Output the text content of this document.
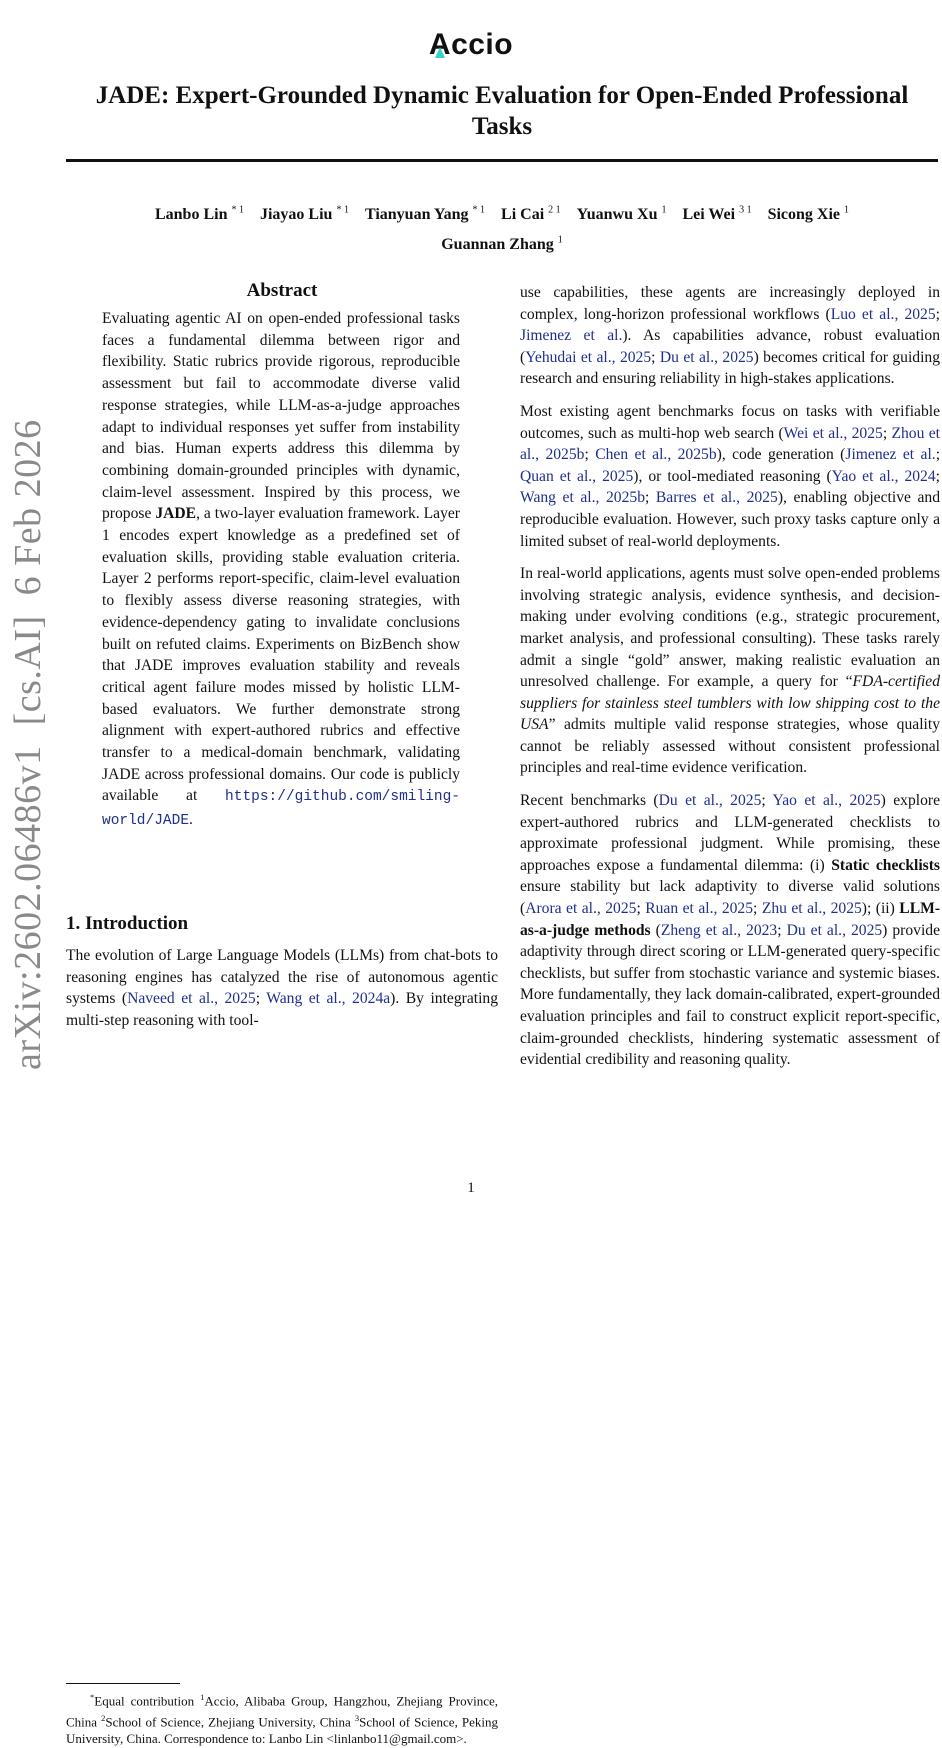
Accio
JADE: Expert-Grounded Dynamic Evaluation for Open-Ended Professional Tasks
Lanbo Lin $^{* 1}$ Jiayao Liu $^{* 1}$ Tianyuan Yang $^{* 1}$ Li Cai $^{2 1}$ Yuanwu Xu $^1$ Lei Wei $^{3 1}$ Sicong Xie $^1$
Guannan Zhang $^1$
arXiv:2602.06486v1  [cs.AI]  6 Feb 2026
Abstract

Evaluating agentic AI on open-ended professional tasks faces a fundamental dilemma between rigor and flexibility. Static rubrics provide rigorous, reproducible assessment but fail to accommodate diverse valid response strategies, while LLM-as-a-judge approaches adapt to individual responses yet suffer from instability and bias. Human experts address this dilemma by combining domain-grounded principles with dynamic, claim-level assessment. Inspired by this process, we propose JADE, a two-layer evaluation framework. Layer 1 encodes expert knowledge as a predefined set of evaluation skills, providing stable evaluation criteria. Layer 2 performs report-specific, claim-level evaluation to flexibly assess diverse reasoning strategies, with evidence-dependency gating to invalidate conclusions built on refuted claims. Experiments on BizBench show that JADE improves evaluation stability and reveals critical agent failure modes missed by holistic LLM-based evaluators. We further demonstrate strong alignment with expert-authored rubrics and effective transfer to a medical-domain benchmark, validating JADE across professional domains. Our code is publicly available at https://github.com/smiling-world/JADE.

1. Introduction

The evolution of Large Language Models (LLMs) from chat-bots to reasoning engines has catalyzed the rise of autonomous agentic systems (Naveed et al., 2025; Wang et al., 2024a). By integrating multi-step reasoning with tool-

*Equal contribution $^1$Accio, Alibaba Group, Hangzhou, Zhejiang Province, China $^2$School of Science, Zhejiang University, China $^3$School of Science, Peking University, China. Correspondence to: Lanbo Lin <linlanbo11@gmail.com>.

use capabilities, these agents are increasingly deployed in complex, long-horizon professional workflows (Luo et al., 2025; Jimenez et al.). As capabilities advance, robust evaluation (Yehudai et al., 2025; Du et al., 2025) becomes critical for guiding research and ensuring reliability in high-stakes applications.

Most existing agent benchmarks focus on tasks with verifiable outcomes, such as multi-hop web search (Wei et al., 2025; Zhou et al., 2025b; Chen et al., 2025b), code generation (Jimenez et al.; Quan et al., 2025), or tool-mediated reasoning (Yao et al., 2024; Wang et al., 2025b; Barres et al., 2025), enabling objective and reproducible evaluation. However, such proxy tasks capture only a limited subset of real-world deployments.

In real-world applications, agents must solve open-ended problems involving strategic analysis, evidence synthesis, and decision-making under evolving conditions (e.g., strategic procurement, market analysis, and professional consulting). These tasks rarely admit a single “gold” answer, making realistic evaluation an unresolved challenge. For example, a query for “FDA-certified suppliers for stainless steel tumblers with low shipping cost to the USA” admits multiple valid response strategies, whose quality cannot be reliably assessed without consistent professional principles and real-time evidence verification.

Recent benchmarks (Du et al., 2025; Yao et al., 2025) explore expert-authored rubrics and LLM-generated checklists to approximate professional judgment. While promising, these approaches expose a fundamental dilemma: (i) Static checklists ensure stability but lack adaptivity to diverse valid solutions (Arora et al., 2025; Ruan et al., 2025; Zhu et al., 2025); (ii) LLM-as-a-judge methods (Zheng et al., 2023; Du et al., 2025) provide adaptivity through direct scoring or LLM-generated query-specific checklists, but suffer from stochastic variance and systemic biases. More fundamentally, they lack domain-calibrated, expert-grounded evaluation principles and fail to construct explicit report-specific, claim-grounded checklists, hindering systematic assessment of evidential credibility and reasoning quality.

1
